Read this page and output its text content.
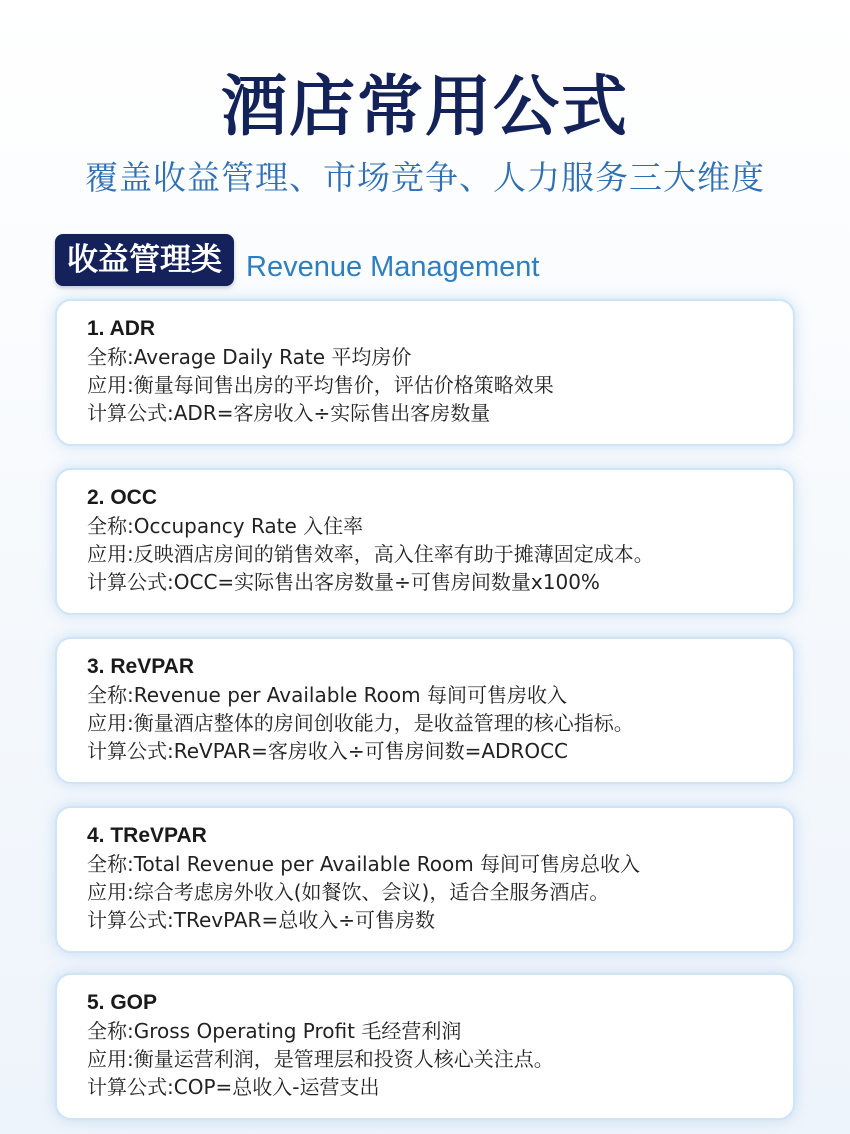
酒店常用公式
覆盖收益管理、市场竞争、人力服务三大维度
收益管理类 Revenue Management
1. ADR
全称:Average Daily Rate 平均房价
应用:衡量每间售出房的平均售价，评估价格策略效果
计算公式:ADR=客房收入÷实际售出客房数量
2. OCC
全称:Occupancy Rate 入住率
应用:反映酒店房间的销售效率，高入住率有助于摊薄固定成本。
计算公式:OCC=实际售出客房数量÷可售房间数量x100%
3. ReVPAR
全称:Revenue per Available Room 每间可售房收入
应用:衡量酒店整体的房间创收能力，是收益管理的核心指标。
计算公式:ReVPAR=客房收入÷可售房间数=ADROCC
4. TReVPAR
全称:Total Revenue per Available Room 每间可售房总收入
应用:综合考虑房外收入(如餐饮、会议)，适合全服务酒店。
计算公式:TRevPAR=总收入÷可售房数
5. GOP
全称:Gross Operating Profit 毛经营利润
应用:衡量运营利润，是管理层和投资人核心关注点。
计算公式:COP=总收入-运营支出
